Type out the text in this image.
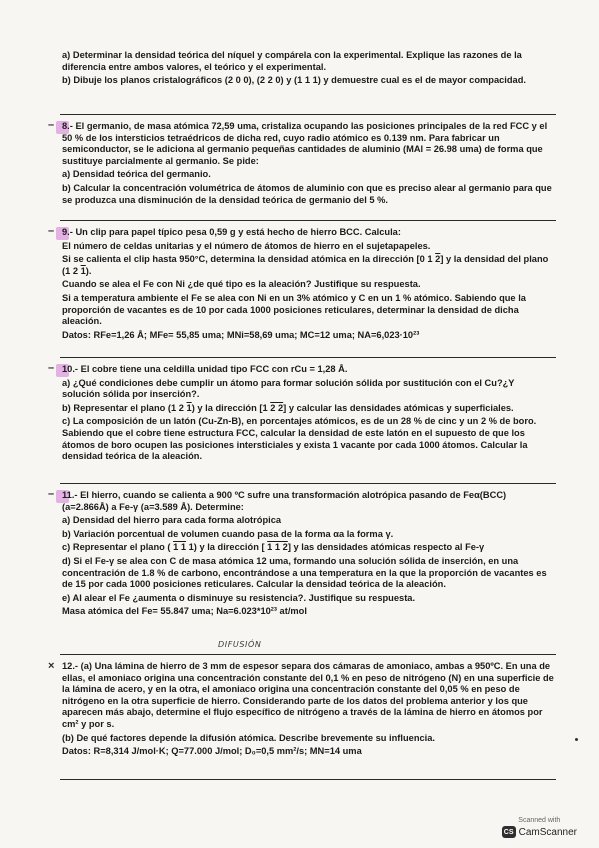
a) Determinar la densidad teórica del níquel y compárela con la experimental. Explique las razones de la diferencia entre ambos valores, el teórico y el experimental.

b) Dibuje los planos cristalográficos (2 0 0), (2 2 0) y (1 1 1) y demuestre cual es el de mayor compacidad.

– 8.- El germanio, de masa atómica 72,59 uma, cristaliza ocupando las posiciones principales de la red FCC y el 50 % de los intersticios tetraédricos de dicha red, cuyo radio atómico es 0.139 nm. Para fabricar un semiconductor, se le adiciona al germanio pequeñas cantidades de aluminio (MAl = 26.98 uma) de forma que sustituye parcialmente al germanio. Se pide:

a) Densidad teórica del germanio.

b) Calcular la concentración volumétrica de átomos de aluminio con que es preciso alear al germanio para que se produzca una disminución de la densidad teórica de germanio del 5 %.

– 9.- Un clip para papel típico pesa 0,59 g y está hecho de hierro BCC. Calcula:

El número de celdas unitarias y el número de átomos de hierro en el sujetapapeles.

Si se calienta el clip hasta 950°C, determina la densidad atómica en la dirección [0 1 2] y la densidad del plano (1 2 1).

Cuando se alea el Fe con Ni ¿de qué tipo es la aleación? Justifique su respuesta.

Si a temperatura ambiente el Fe se alea con Ni en un 3% atómico y C en un 1 % atómico. Sabiendo que la proporción de vacantes es de 10 por cada 1000 posiciones reticulares, determinar la densidad de dicha aleación.

Datos: RFe=1,26 Å; MFe= 55,85 uma; MNi=58,69 uma; MC=12 uma; NA=6,023·10²³

– 10.- El cobre tiene una celdilla unidad tipo FCC con rCu = 1,28 Å.

a) ¿Qué condiciones debe cumplir un átomo para formar solución sólida por sustitución con el Cu?¿Y solución sólida por inserción?.

b) Representar el plano (1 2 1) y la dirección [1 2 2] y calcular las densidades atómicas y superficiales.

c) La composición de un latón (Cu-Zn-B), en porcentajes atómicos, es de un 28 % de cinc y un 2 % de boro. Sabiendo que el cobre tiene estructura FCC, calcular la densidad de este latón en el supuesto de que los átomos de boro ocupen las posiciones intersticiales y exista 1 vacante por cada 1000 átomos. Calcular la densidad teórica de la aleación.

– 11.- El hierro, cuando se calienta a 900 ºC sufre una transformación alotrópica pasando de Feα(BCC) (a=2.866Å) a Fe-γ (a=3.589 Å). Determine:

a) Densidad del hierro para cada forma alotrópica

b) Variación porcentual de volumen cuando pasa de la forma αa la forma γ.

c) Representar el plano ( 1 1 1) y la dirección [ 1 1 2] y las densidades atómicas respecto al Fe-γ

d) Si el Fe-γ se alea con C de masa atómica 12 uma, formando una solución sólida de inserción, en una concentración de 1.8 % de carbono, encontrándose a una temperatura en la que la proporción de vacantes es de 15 por cada 1000 posiciones reticulares. Calcular la densidad teórica de la aleación.

e) Al alear el Fe ¿aumenta o disminuye su resistencia?. Justifique su respuesta.

Masa atómica del Fe= 55.847 uma; Na=6.023*10²³ at/mol

DIFUSIÓN
× 12.- (a) Una lámina de hierro de 3 mm de espesor separa dos cámaras de amoniaco, ambas a 950ºC. En una de ellas, el amoniaco origina una concentración constante del 0,1 % en peso de nitrógeno (N) en una superficie de la lámina de acero, y en la otra, el amoniaco origina una concentración constante del 0,05 % en peso de nitrógeno en la otra superficie de hierro. Considerando parte de los datos del problema anterior y los que aparecen más abajo, determine el flujo específico de nitrógeno a través de la lámina de hierro en átomos por cm² y por s.

(b) De qué factores depende la difusión atómica. Describe brevemente su influencia.

Datos: R=8,314 J/mol·K; Q=77.000 J/mol; D₀=0,5 mm²/s; MN=14 uma

Scanned with
CS CamScanner
